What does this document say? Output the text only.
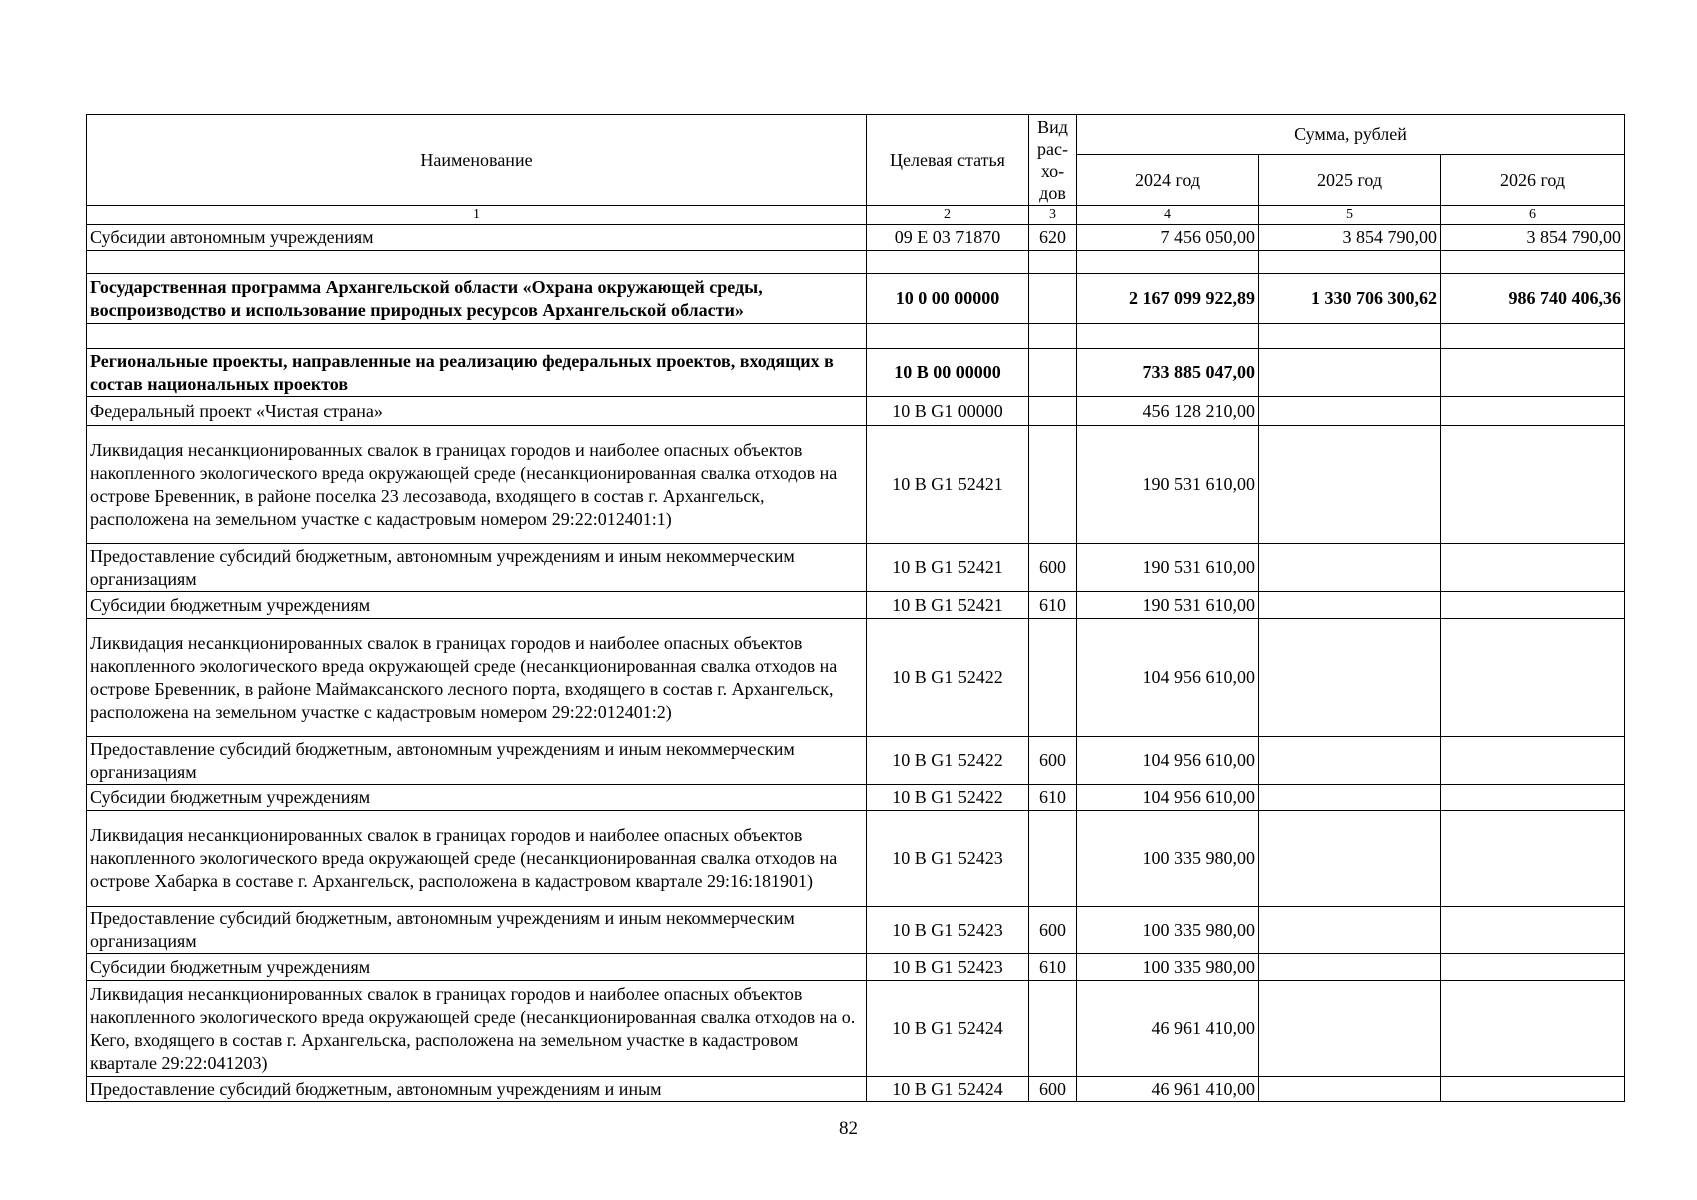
Наименование	Целевая статья	Вид
рас-
хо-
дов	Сумма, рублей		
			2024 год	2025 год	2026 год
1	2	3	4	5	6
Субсидии автономным учреждениям	09 Е 03 71870	620	7 456 050,00	3 854 790,00	3 854 790,00

Государственная программа Архангельской области «Охрана окружающей среды, воспроизводство и использование природных ресурсов Архангельской области»	10 0 00 00000		2 167 099 922,89	1 330 706 300,62	986 740 406,36

Региональные проекты, направленные на реализацию федеральных проектов, входящих в состав национальных проектов	10 В 00 00000		733 885 047,00		
Федеральный проект «Чистая страна»	10 В G1 00000		456 128 210,00		
Ликвидация несанкционированных свалок в границах городов и наиболее опасных объектов накопленного экологического вреда окружающей среде (несанкционированная свалка отходов на острове Бревенник, в районе поселка 23 лесозавода, входящего в состав г. Архангельск, расположена на земельном участке с кадастровым номером 29:22:012401:1)	10 В G1 52421		190 531 610,00		
Предоставление субсидий бюджетным, автономным учреждениям и иным некоммерческим организациям	10 В G1 52421	600	190 531 610,00		
Субсидии бюджетным учреждениям	10 В G1 52421	610	190 531 610,00		
Ликвидация несанкционированных свалок в границах городов и наиболее опасных объектов накопленного экологического вреда окружающей среде (несанкционированная свалка отходов на острове Бревенник, в районе Маймаксанского лесного порта, входящего в состав г. Архангельск, расположена на земельном участке с кадастровым номером 29:22:012401:2)	10 В G1 52422		104 956 610,00		
Предоставление субсидий бюджетным, автономным учреждениям и иным некоммерческим организациям	10 В G1 52422	600	104 956 610,00		
Субсидии бюджетным учреждениям	10 В G1 52422	610	104 956 610,00		
Ликвидация несанкционированных свалок в границах городов и наиболее опасных объектов накопленного экологического вреда окружающей среде (несанкционированная свалка отходов на острове Хабарка в составе г. Архангельск, расположена в кадастровом квартале 29:16:181901)	10 В G1 52423		100 335 980,00		
Предоставление субсидий бюджетным, автономным учреждениям и иным некоммерческим организациям	10 В G1 52423	600	100 335 980,00		
Субсидии бюджетным учреждениям	10 В G1 52423	610	100 335 980,00		
Ликвидация несанкционированных свалок в границах городов и наиболее опасных объектов накопленного экологического вреда окружающей среде (несанкционированная свалка отходов на о. Кего, входящего в состав г. Архангельска, расположена на земельном участке в кадастровом квартале 29:22:041203)	10 В G1 52424		46 961 410,00		
Предоставление субсидий бюджетным, автономным учреждениям и иным	10 В G1 52424	600	46 961 410,00		
82
